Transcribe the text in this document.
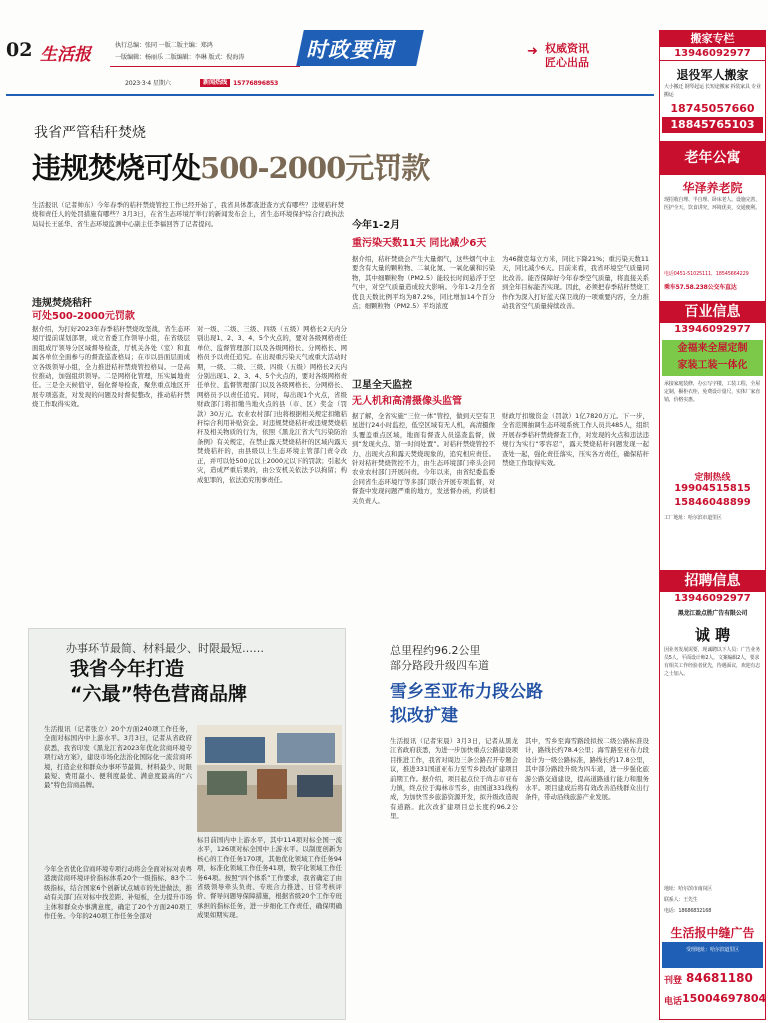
02 生活报	执行总编：张同 一版二版主编：郑鸿
一版编辑：杨丽乐 二版编辑：李琳 版式：倪海涛
2023·3·4 星期六	新闻热线 15776896853
时政要闻	➜ 权威资讯
匠心出品
我省严管秸秆焚烧
违规焚烧可处500-2000元罚款
生活报讯（记者帅东）今年春季的秸秆禁烧管控工作已经开始了，我省具体都查进查方式有哪些？违规秸秆焚烧和责任人的处罚措施有哪些？3月3日，在省生态环境厅举行的新闻发布会上，省生态环境保护综合行政执法局局长王延华、省生态环境监测中心副主任李福回答了记者提问。
违规焚烧秸秆
可处500-2000元罚款
据介绍，为打好2023年春季秸秆禁烧攻坚战，省生态环境厅提前谋划部署，成立省委工作领导小组，在省级层面组成厅领导分区域督导检查，厅机关各处（室）和直属各单位全面参与的督查巡查格局；在市以县面层面成立各级领导小组，全力推进秸秆禁烧管控格局。一是高位推动，加强组织领导。二是网格化管理，压实属地责任。三是全天候值守，强化督导检查，聚焦重点地区开展专项巡查，对发现的问题及时督促整改，推动秸秆禁烧工作取得实效。
对一级、二级、三级、四级（五级）网格长2天内分别出现1、2、3、4、5个火点的，要对各级网格责任单位、监督管理部门以及各级网格长、分网格长、网格员予以责任追究。在出现重污染天气或重大活动时期，一级、二级、三级、四级（五级）网格长2天内分别出现1、2、3、4、5个火点的，要对各级网格责任单位、监督管理部门以及各级网格长、分网格长、网格员予以责任追究。同时，每出现1个火点，省级财政部门将扣缴当地火点的县（市、区）奖金（罚款）30万元。农业农村部门也将根据相关规定扣缴秸秆综合利用补贴资金。对违规焚烧秸秆或违规焚烧秸秆及相关物质的行为，依照《黑龙江省大气污染防治条例》有关规定，在禁止露天焚烧秸秆的区域内露天焚烧秸秆的，由县级以上生态环境主管部门责令改正，并可以处500元以上2000元以下的罚款；引起火灾，造成严重后果的，由公安机关依法予以拘留；构成犯罪的，依法追究刑事责任。
今年1-2月
重污染天数11天 同比减少6天
据介绍，秸秆焚烧会产生大量烟气，这些烟气中主要含有大量的颗粒物、二氧化氮、一氧化碳和污染物，其中细颗粒物（PM2.5）能较长时间悬浮于空气中，对空气质量造成较大影响。今年1-2月全省优良天数比例平均为87.2%，同比增加14个百分点；细颗粒物（PM2.5）平均浓度
为46微克每立方米，同比下降21%；重污染天数11天，同比减少6天。目前来看，我省环境空气质量同比改善。能否保障好今年春季空气质量，将直接关系到全年目标能否实现。因此，必须把春季秸秆禁烧工作作为深入打好蓝天保卫战的一项重要内容，全力推动我省空气质量持续改善。
卫星全天监控
无人机和高清摄像头监管
据了解，全省实施“三位一体”管控，做到天空有卫星进行24小时监控，低空区域有无人机，高清摄像头覆盖重点区域，地面有督查人员巡查监督，做到“发现火点、第一时间处置”。对秸秆禁烧管控不力、出现火点和露天焚烧现象的，追究相应责任。针对秸秆焚烧管控不力，由生态环境部门牵头会同农业农村部门开展问责。今年以来，由省纪委监委会同省生态环境厅等多部门联合开展专项监督，对督查中发现问题严重的地方，发送督办函，约谈相关负责人。
财政厅扣缴资金（罚款）1亿7820万元。下一步，全省范围抽调生态环境系统工作人员共485人，组织开展春季秸秆禁烧督查工作，对发现的火点和违法违规行为实行“零容忍”，露天焚烧秸秆问题发现一起查处一起，强化责任落实，压实各方责任，确保秸秆禁烧工作取得实效。
办事环节最简、材料最少、时限最短……
我省今年打造
“六最”特色营商品牌
生活报讯（记者张立）20个方面240项工作任务，全面对标国内中上游水平。3月3日，记者从省政府获悉，我省印发《黑龙江省2023年优化营商环境专项行动方案》，建设市场化法治化国际化一流营商环境，打造企业和群众办事环节最简、材料最少、时限最短、费用最小、便利度最优、满意度最高的“六最”特色营商品牌。
今年全省优化营商环境专项行动将会全面对标对表粤港澳营商环境评价指标体系20个一级指标、83个二级指标，结合国家6个创新试点城市的先进做法，推动有关部门在对标中找差距、补短板，全力提升市场主体和群众办事满意度，确定了20个方面240项工作任务。今年的240项工作任务全部对
标目前国内中上游水平，其中114项对标全国一流水平，126项对标全国中上游水平。以制度创新为核心的工作任务170项，其他优化领域工作任务94项，标准化领域工作任务41项，数字化领域工作任务64项。按照“四个体系”工作要求，我省确定了由省级领导牵头负责、专班合力推进、日常考核评价、督导问题导保障措施，根据省级20个工作专班承担的指标任务，进一步细化工作责任，确保明确成果如期实现。
总里程约96.2公里
部分路段升级四车道
雪乡至亚布力段公路
拟改扩建
生活报讯（记者宋晨）3月3日，记者从黑龙江省政府获悉，为进一步加快重点公路建设项目推进工作，我省对周边三条公路召开专题会议，推进331国道亚布力至雪乡段改扩建项目前期工作。据介绍，项目起点位于尚志市亚布力镇，终点位于海林市雪乡，由国道331线构成，为加快雪乡旅游资源开发，拟升级改造现有道路。此次改扩建项目总长度约96.2公里。
其中，雪乡至海雪路段拟按二级公路标准设计，路线长约78.4公里；海雪路至亚布力段设计为一级公路标准，路线长约17.8公里，其中部分路段升级为四车道，进一步强化旅游公路交通建设，提高道路通行能力和服务水平。项目建成后将有效改善沿线群众出行条件，带动沿线旅游产业发展。
搬家专栏
13946092977
退役军人搬家
大小搬迁 钢琴起运 长短途搬家 拆装家具 专业搬运
18745057660
18845765103
老年公寓
华泽养老院
现招收自理、半自理、卧床老人。设施完善，医护全天，饮食讲究，环境优美，交通便利。
电话0451-51025111，18545664229
乘车57.58.238公交车直达
百业信息
13946092977
金福来全屋定制
家装工装一体化
承接家庭装修，办公写字楼，工装工程，全屋定制，橱柜衣柜，免费设计量尺，实体厂家直销，价格实惠。
定制热线
19904515815
15846048899
工厂地址：哈尔滨市道里区
招聘信息
13946092977
黑龙江盈点胜广告有限公司
诚 聘
因业务发展需要，现诚聘以下人员：广告业务员5人，平面设计师2人，文案编辑2人，要求有相关工作经验者优先，待遇面议，欢迎有志之士加入。
地址：哈尔滨市南岗区
联系人：王先生
电话：18686832168
生活报中缝广告
受理地址：哈尔滨道里区
刊登 84681180
电话 15004697804
